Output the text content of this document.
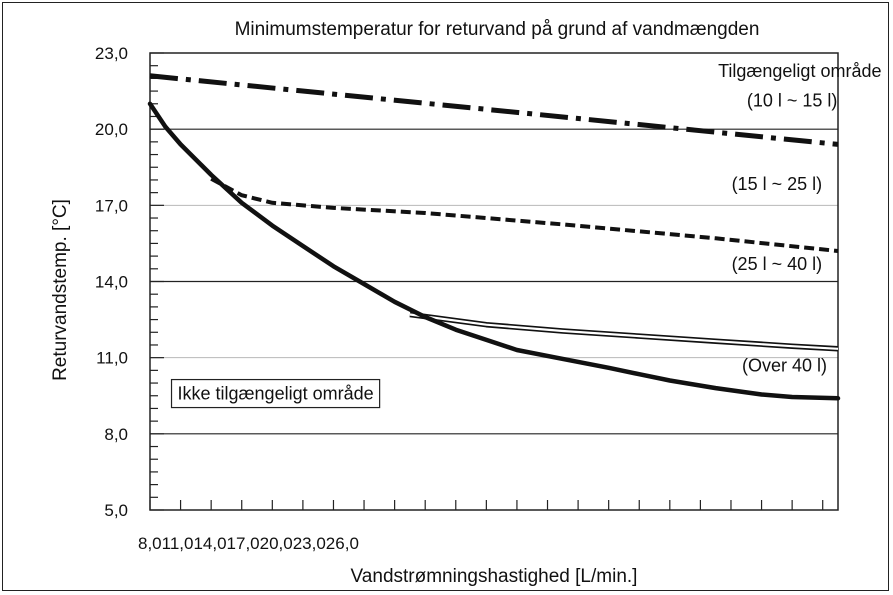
Minimumstemperatur for returvand på grund af vandmængden
5,0
8,0
11,0
14,0
17,0
20,0
23,0
Tilgængeligt område
(10 l ~ 15 l)
(15 l ~ 25 l)
(25 l ~ 40 l)
(Over 40 l)
Ikke tilgængeligt område
8,011,014,017,020,023,026,0
Vandstrømningshastighed [L/min.]
Returvandstemp. [°C]
